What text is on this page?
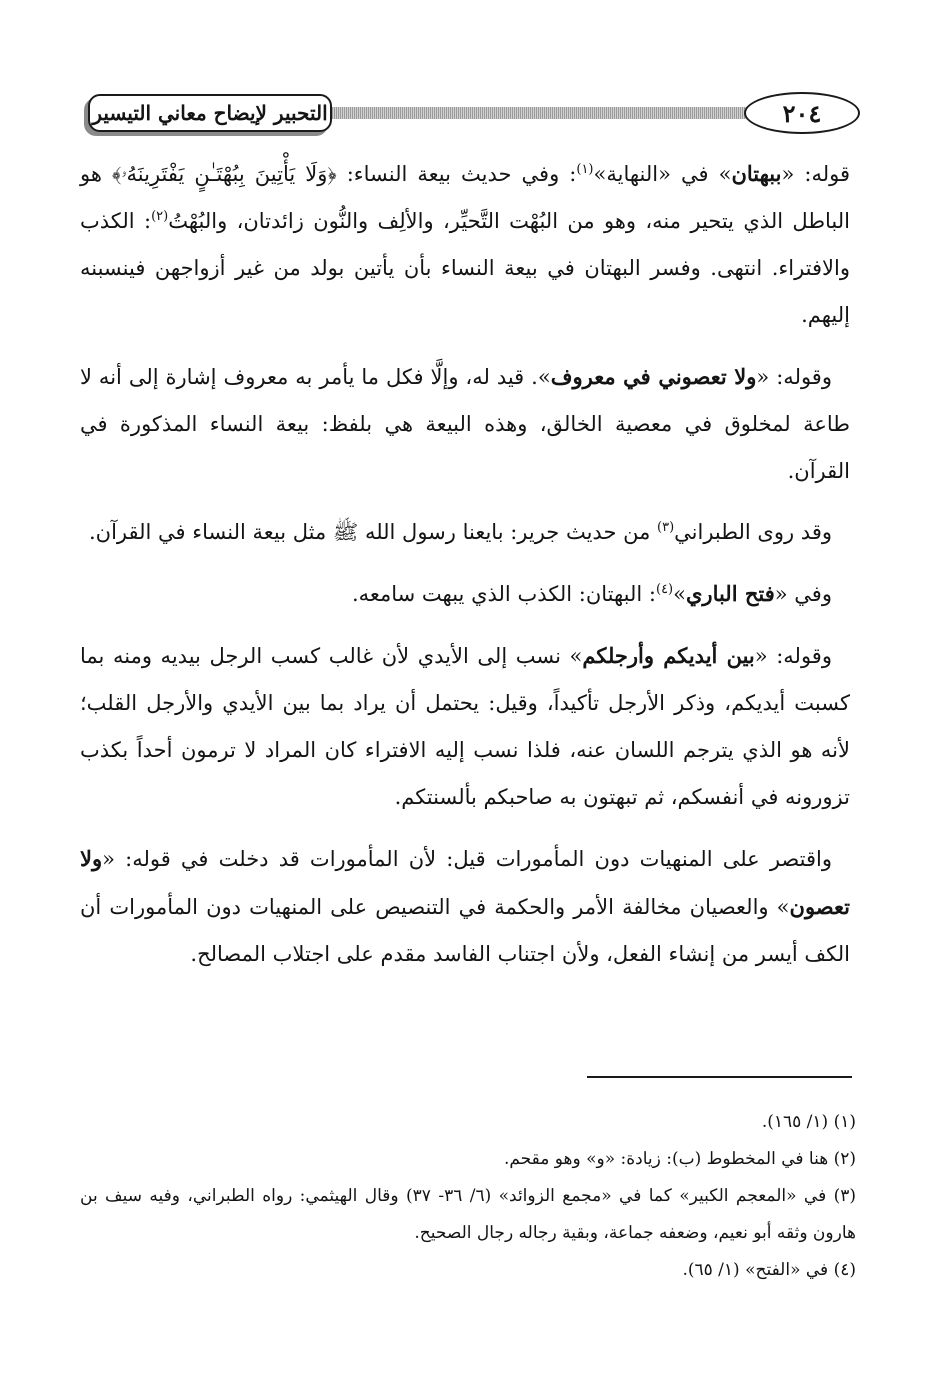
التحبير لإيضاح معاني التيسير	٢٠٤

قوله: «ببهتان» في «النهاية»$^{(١)}$: وفي حديث بيعة النساء: ﴿وَلَا يَأْتِينَ بِبُهْتَـٰنٍ يَفْتَرِينَهُۥ﴾ هو الباطل الذي يتحير منه، وهو من البُهْت التَّحيِّر، والألِف والنُّون زائدتان، والبُهْتُ$^{(٢)}$: الكذب والافتراء. انتهى. وفسر البهتان في بيعة النساء بأن يأتين بولد من غير أزواجهن فينسبنه إليهم.

وقوله: «ولا تعصوني في معروف». قيد له، وإلَّا فكل ما يأمر به معروف إشارة إلى أنه لا طاعة لمخلوق في معصية الخالق، وهذه البيعة هي بلفظ: بيعة النساء المذكورة في القرآن.

وقد روى الطبراني$^{(٣)}$ من حديث جرير: بايعنا رسول الله ﷺ مثل بيعة النساء في القرآن.

وفي «فتح الباري»$^{(٤)}$: البهتان: الكذب الذي يبهت سامعه.

وقوله: «بين أيديكم وأرجلكم» نسب إلى الأيدي لأن غالب كسب الرجل بيديه ومنه بما كسبت أيديكم، وذكر الأرجل تأكيداً، وقيل: يحتمل أن يراد بما بين الأيدي والأرجل القلب؛ لأنه هو الذي يترجم اللسان عنه، فلذا نسب إليه الافتراء كان المراد لا ترمون أحداً بكذب تزورونه في أنفسكم، ثم تبهتون به صاحبكم بألسنتكم.

واقتصر على المنهيات دون المأمورات قيل: لأن المأمورات قد دخلت في قوله: «ولا تعصون» والعصيان مخالفة الأمر والحكمة في التنصيص على المنهيات دون المأمورات أن الكف أيسر من إنشاء الفعل، ولأن اجتناب الفاسد مقدم على اجتلاب المصالح.

(١) (١/ ١٦٥).
(٢) هنا في المخطوط (ب): زيادة: «و» وهو مقحم.
(٣) في «المعجم الكبير» كما في «مجمع الزوائد» (٦/ ٣٦- ٣٧) وقال الهيثمي: رواه الطبراني، وفيه سيف بن هارون وثقه أبو نعيم، وضعفه جماعة، وبقية رجاله رجال الصحيح.
(٤) في «الفتح» (١/ ٦٥).
